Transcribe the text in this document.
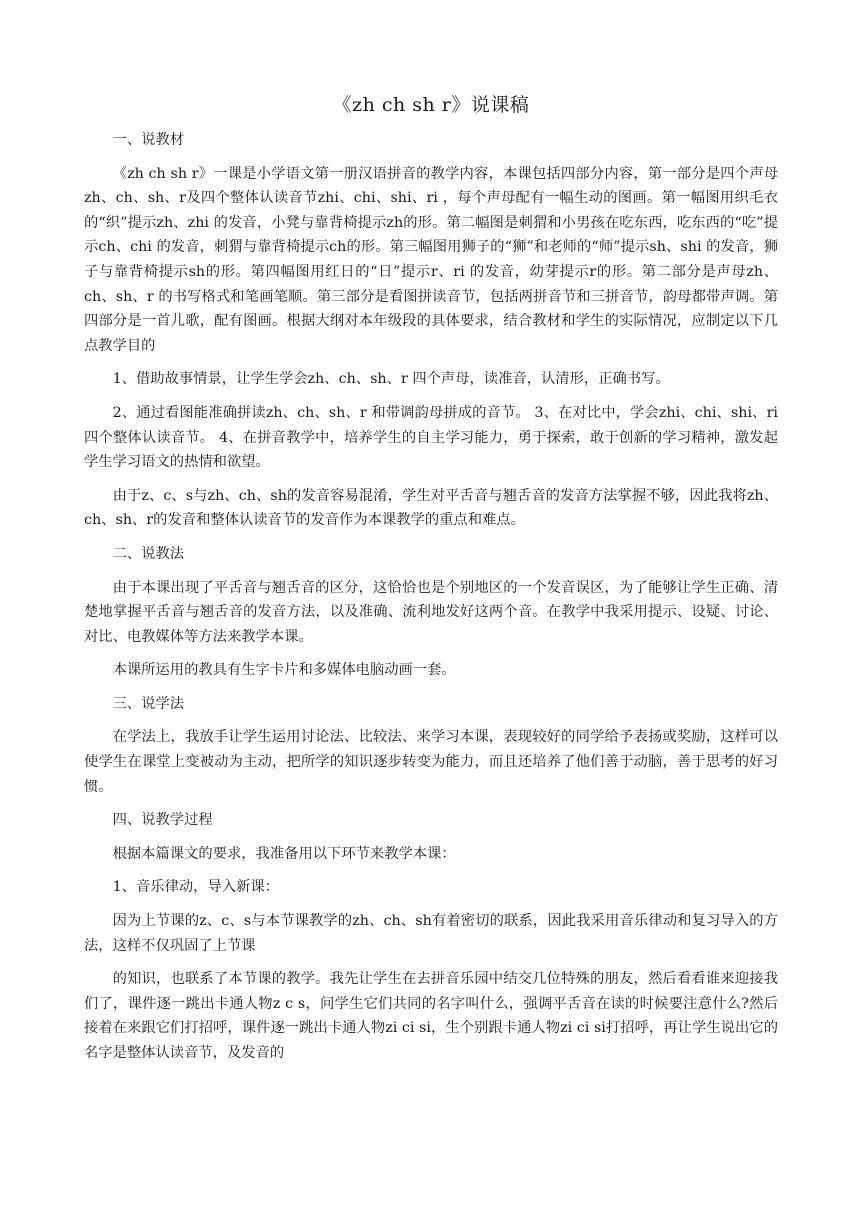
《zh ch sh r》说课稿

一、说教材

《zh ch sh r》一课是小学语文第一册汉语拼音的教学内容，本课包括四部分内容，第一部分是四个声母zh、ch、sh、r及四个整体认读音节zhi、chi、shi、ri ，每个声母配有一幅生动的图画。第一幅图用织毛衣的“织”提示zh、zhi 的发音，小凳与靠背椅提示zh的形。第二幅图是刺猬和小男孩在吃东西，吃东西的“吃”提示ch、chi 的发音，刺猬与靠背椅提示ch的形。第三幅图用狮子的“狮”和老师的“师”提示sh、shi 的发音，狮子与靠背椅提示sh的形。第四幅图用红日的“日”提示r、ri 的发音，幼芽提示r的形。第二部分是声母zh、ch、sh、r 的书写格式和笔画笔顺。第三部分是看图拼读音节，包括两拼音节和三拼音节，韵母都带声调。第四部分是一首儿歌，配有图画。根据大纲对本年级段的具体要求，结合教材和学生的实际情况，应制定以下几点教学目的

1、借助故事情景，让学生学会zh、ch、sh、r 四个声母，读准音，认清形，正确书写。

2、通过看图能准确拼读zh、ch、sh、r 和带调韵母拼成的音节。 3、在对比中，学会zhi、chi、shi、ri 四个整体认读音节。 4、在拼音教学中，培养学生的自主学习能力，勇于探索，敢于创新的学习精神，激发起学生学习语文的热情和欲望。

由于z、c、s与zh、ch、sh的发音容易混淆，学生对平舌音与翘舌音的发音方法掌握不够，因此我将zh、ch、sh、r的发音和整体认读音节的发音作为本课教学的重点和难点。

二、说教法

由于本课出现了平舌音与翘舌音的区分，这恰恰也是个别地区的一个发音误区，为了能够让学生正确、清楚地掌握平舌音与翘舌音的发音方法，以及准确、流利地发好这两个音。在教学中我采用提示、设疑、讨论、对比、电教媒体等方法来教学本课。

本课所运用的教具有生字卡片和多媒体电脑动画一套。

三、说学法

在学法上，我放手让学生运用讨论法、比较法、来学习本课，表现较好的同学给予表扬或奖励，这样可以使学生在课堂上变被动为主动，把所学的知识逐步转变为能力，而且还培养了他们善于动脑，善于思考的好习惯。

四、说教学过程

根据本篇课文的要求，我准备用以下环节来教学本课：

1、音乐律动，导入新课：

因为上节课的z、c、s与本节课教学的zh、ch、sh有着密切的联系，因此我采用音乐律动和复习导入的方法，这样不仅巩固了上节课

的知识，也联系了本节课的教学。我先让学生在去拼音乐园中结交几位特殊的朋友，然后看看谁来迎接我们了，课件逐一跳出卡通人物z c s，问学生它们共同的名字叫什么，强调平舌音在读的时候要注意什么?然后接着在来跟它们打招呼，课件逐一跳出卡通人物zi ci si，生个别跟卡通人物zi ci si打招呼，再让学生说出它的名字是整体认读音节，及发音的
